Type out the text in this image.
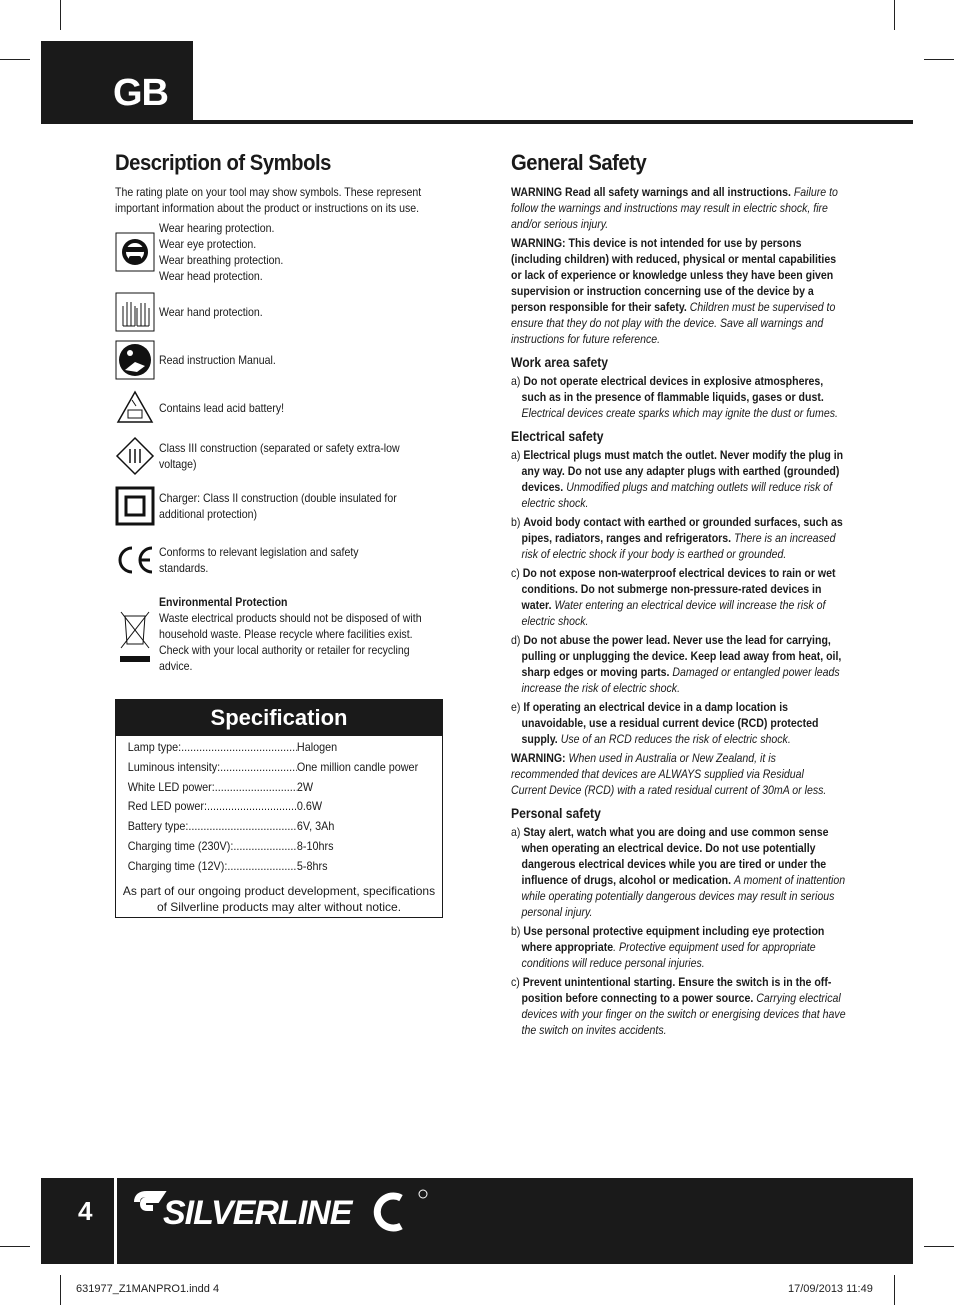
GB
Description of Symbols
The rating plate on your tool may show symbols. These represent important information about the product or instructions on its use.
Wear hearing protection.
Wear eye protection.
Wear breathing protection.
Wear head protection.
Wear hand protection.
Read instruction Manual.
Contains lead acid battery!
Class III construction (separated or safety extra-low voltage)
Charger: Class II construction (double insulated for additional protection)
Conforms to relevant legislation and safety standards.
Environmental Protection
Waste electrical products should not be disposed of with household waste. Please recycle where facilities exist. Check with your local authority or retailer for recycling advice.
Specification
Lamp type: .....	Halogen
Luminous intensity: .....	One million candle power
White LED power: .....	2W
Red LED power: .....	0.6W
Battery type: .....	6V, 3Ah
Charging time (230V): .....	8-10hrs
Charging time (12V): .....	5-8hrs
As part of our ongoing product development, specifications of Silverline products may alter without notice.
General Safety
WARNING Read all safety warnings and all instructions. Failure to follow the warnings and instructions may result in electric shock, fire and/or serious injury.
WARNING: This device is not intended for use by persons (including children) with reduced, physical or mental capabilities or lack of experience or knowledge unless they have been given supervision or instruction concerning use of the device by a person responsible for their safety. Children must be supervised to ensure that they do not play with the device. Save all warnings and instructions for future reference.
Work area safety
a) Do not operate electrical devices in explosive atmospheres, such as in the presence of flammable liquids, gases or dust. Electrical devices create sparks which may ignite the dust or fumes.
Electrical safety
a) Electrical plugs must match the outlet. Never modify the plug in any way. Do not use any adapter plugs with earthed (grounded) devices. Unmodified plugs and matching outlets will reduce risk of electric shock.
b) Avoid body contact with earthed or grounded surfaces, such as pipes, radiators, ranges and refrigerators. There is an increased risk of electric shock if your body is earthed or grounded.
c) Do not expose non-waterproof electrical devices to rain or wet conditions. Do not submerge non-pressure-rated devices in water. Water entering an electrical device will increase the risk of electric shock.
d) Do not abuse the power lead. Never use the lead for carrying, pulling or unplugging the device. Keep lead away from heat, oil, sharp edges or moving parts. Damaged or entangled power leads increase the risk of electric shock.
e) If operating an electrical device in a damp location is unavoidable, use a residual current device (RCD) protected supply. Use of an RCD reduces the risk of electric shock.
WARNING: When used in Australia or New Zealand, it is recommended that devices are ALWAYS supplied via Residual Current Device (RCD) with a rated residual current of 30mA or less.
Personal safety
a) Stay alert, watch what you are doing and use common sense when operating an electrical device. Do not use potentially dangerous electrical devices while you are tired or under the influence of drugs, alcohol or medication. A moment of inattention while operating potentially dangerous devices may result in serious personal injury.
b) Use personal protective equipment including eye protection where appropriate. Protective equipment used for appropriate conditions will reduce personal injuries.
c) Prevent unintentional starting. Ensure the switch is in the off-position before connecting to a power source. Carrying electrical devices with your finger on the switch or energising devices that have the switch on invites accidents.
4 SILVERLINE
631977_Z1MANPRO1.indd 4	17/09/2013 11:49
